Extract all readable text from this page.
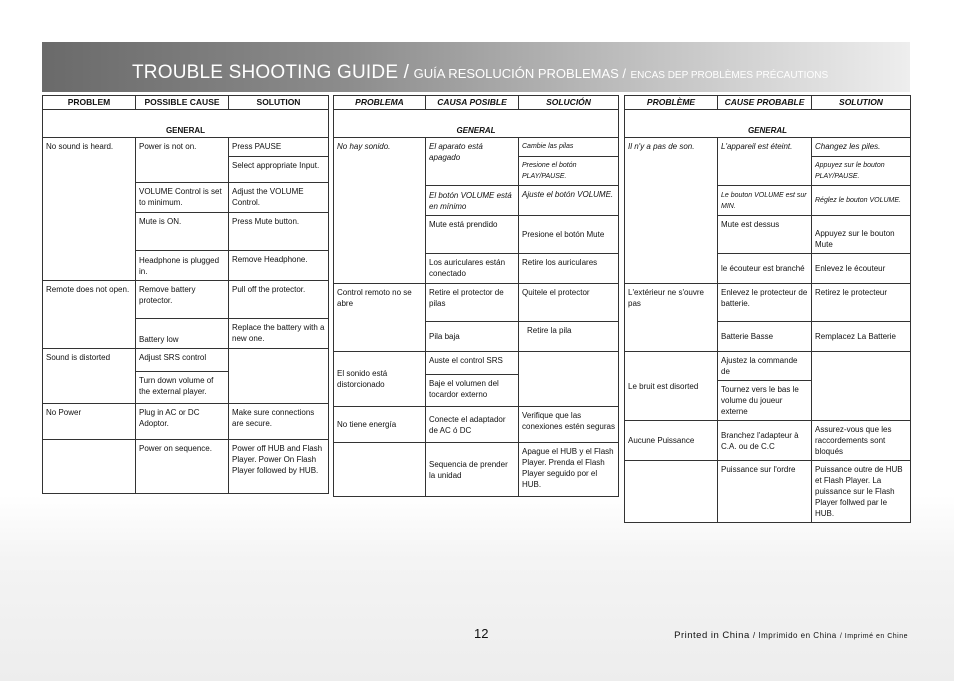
TROUBLE SHOOTING GUIDE / GUÍA RESOLUCIÓN PROBLEMAS / ENCAS DEP PROBLÈMES PRÉCAUTIONS
PROBLEM	POSSIBLE CAUSE	SOLUTION
GENERAL		
No sound is heard.	Power is not on.	Press PAUSE
		Select appropriate Input.
	VOLUME Control is set to minimum.	Adjust the VOLUME Control.
	Mute is ON.	Press Mute button.
	Headphone is plugged in.	Remove Headphone.
Remote does not open.	Remove battery protector.	Pull off the protector.
	Battery low	Replace the battery with a new one.
Sound is distorted	Adjust SRS control	
	Turn down volume of the external player.	
No Power	Plug in AC or DC Adoptor.	Make sure connections are secure.
	Power on sequence.	Power off HUB and Flash Player. Power On Flash Player followed by HUB.
PROBLEMA	CAUSA POSIBLE	SOLUCIÓN
GENERAL		
No hay sonido.	El aparato está apagado	Cambie las pilas
		Presione el botón PLAY/PAUSE.
	El botón VOLUME está en mínimo	Ajuste el botón VOLUME.
	Mute está prendido	Presione el botón Mute
	Los auriculares están conectado	Retire los auriculares
Control remoto no se abre	Retire el protector de pilas	Quitele el protector
	Pila baja	Retire la pila
El sonido está distorcionado	Auste el control SRS	
	Baje el volumen del tocardor externo	
No tiene energía	Conecte el adaptador de AC ó DC	Verifique que las conexiones estén seguras
	Sequencia de prender la unidad	Apague el HUB y el Flash Player. Prenda el Flash Player seguido por el HUB.
PROBLÈME	CAUSE PROBABLE	SOLUTION
GENERAL		
Il n'y a pas de son.	L'appareil est éteint.	Changez les piles.
		Appuyez sur le bouton PLAY/PAUSE.
	Le bouton VOLUME est sur MIN.	Réglez le bouton VOLUME.
	Mute est dessus	Appuyez sur le bouton Mute
	le écouteur est branché	Enlevez le écouteur
L'extérieur ne s'ouvre pas	Enlevez le protecteur de batterie.	Retirez le protecteur
	Batterie Basse	Remplacez La Batterie
Le bruit est disorted	Ajustez la commande de	
	Tournez vers le bas le volume du joueur externe	
Aucune Puissance	Branchez l'adapteur à C.A. ou de C.C	Assurez-vous que les raccordements sont bloqués
	Puissance sur l'ordre	Puissance outre de HUB et Flash Player. La puissance sur le Flash Player follwed par le HUB.
12	Printed in China / Imprimido en China / Imprimé en Chine
